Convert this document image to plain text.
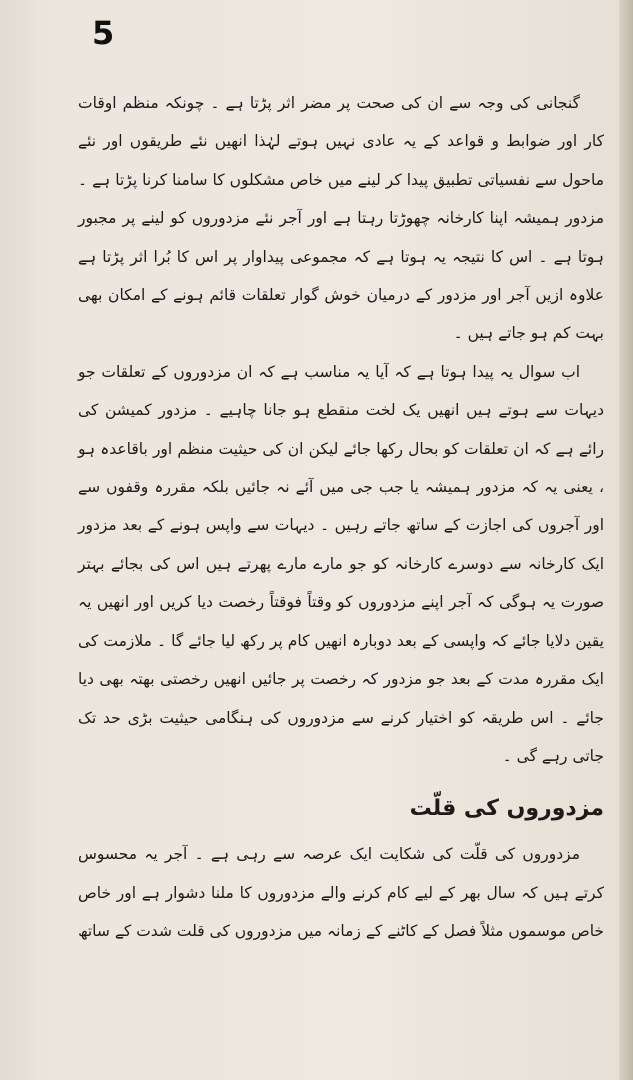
5

گنجانی کی وجہ سے ان کی صحت پر مضر اثر پڑتا ہے ۔ چونکہ منظم اوقات کار اور ضوابط و قواعد کے یہ عادی نہیں ہوتے لہٰذا انھیں نئے طریقوں اور نئے ماحول سے نفسیاتی تطبیق پیدا کر لینے میں خاص مشکلوں کا سامنا کرنا پڑتا ہے ۔ مزدور ہمیشہ اپنا کارخانہ چھوڑتا رہتا ہے اور آجر نئے مزدوروں کو لینے پر مجبور ہوتا ہے ۔ اس کا نتیجہ یہ ہوتا ہے کہ مجموعی پیداوار پر اس کا بُرا اثر پڑتا ہے علاوہ ازیں آجر اور مزدور کے درمیان خوش گوار تعلقات قائم ہونے کے امکان بھی بہت کم ہو جاتے ہیں ۔

اب سوال یہ پیدا ہوتا ہے کہ آیا یہ مناسب ہے کہ ان مزدوروں کے تعلقات جو دیہات سے ہوتے ہیں انھیں یک لخت منقطع ہو جانا چاہیے ۔ مزدور کمیشن کی رائے ہے کہ ان تعلقات کو بحال رکھا جائے لیکن ان کی حیثیت منظم اور باقاعدہ ہو ، یعنی یہ کہ مزدور ہمیشہ یا جب جی میں آئے نہ جائیں بلکہ مقررہ وقفوں سے اور آجروں کی اجازت کے ساتھ جاتے رہیں ۔ دیہات سے واپس ہونے کے بعد مزدور ایک کارخانہ سے دوسرے کارخانہ کو جو مارے مارے پھرتے ہیں اس کی بجائے بہتر صورت یہ ہوگی کہ آجر اپنے مزدوروں کو وقتاً فوقتاً رخصت دیا کریں اور انھیں یہ یقین دلایا جائے کہ واپسی کے بعد دوبارہ انھیں کام پر رکھ لیا جائے گا ۔ ملازمت کی ایک مقررہ مدت کے بعد جو مزدور کہ رخصت پر جائیں انھیں رخصتی بھتہ بھی دیا جائے ۔ اس طریقہ کو اختیار کرنے سے مزدوروں کی ہنگامی حیثیت بڑی حد تک جاتی رہے گی ۔

مزدوروں کی قلّت

مزدوروں کی قلّت کی شکایت ایک عرصہ سے رہی ہے ۔ آجر یہ محسوس کرتے ہیں کہ سال بھر کے لیے کام کرنے والے مزدوروں کا ملنا دشوار ہے اور خاص خاص موسموں مثلاً فصل کے کاٹنے کے زمانہ میں مزدوروں کی قلت شدت کے ساتھ
